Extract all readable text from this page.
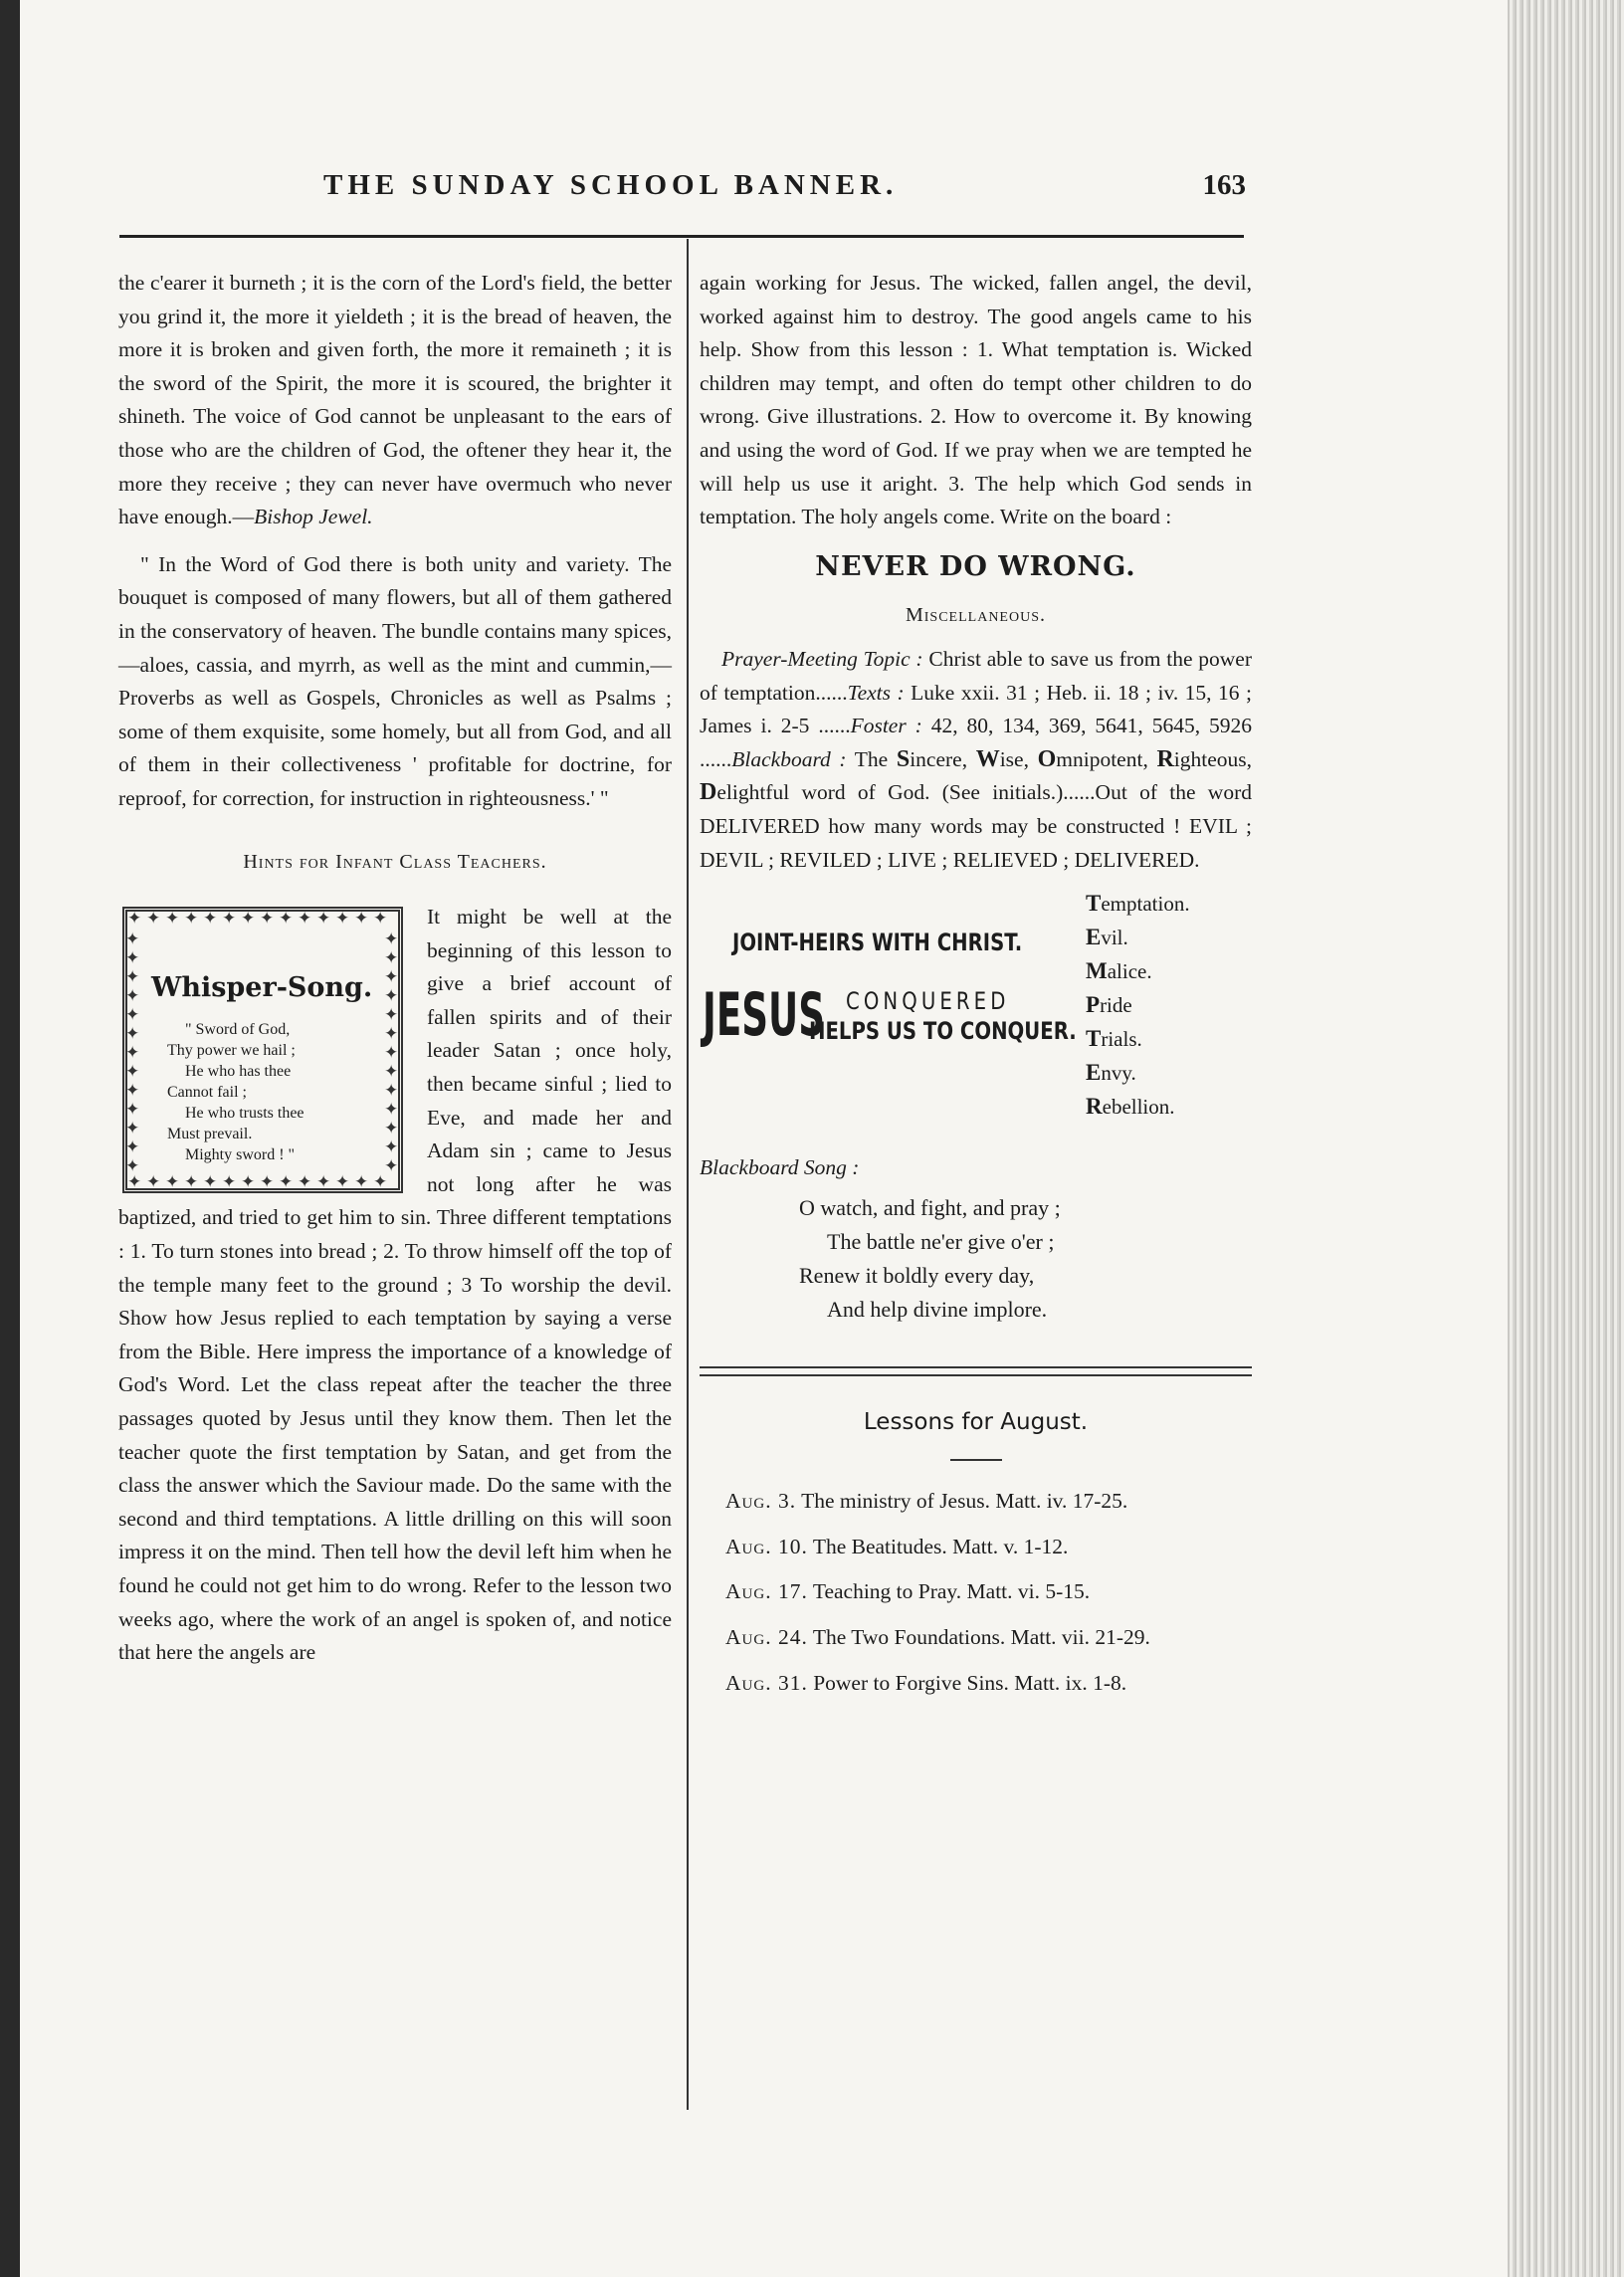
THE SUNDAY SCHOOL BANNER.	163

the c'earer it burneth ; it is the corn of the Lord's field, the better you grind it, the more it yieldeth ; it is the bread of heaven, the more it is broken and given forth, the more it remaineth ; it is the sword of the Spirit, the more it is scoured, the brighter it shineth. The voice of God cannot be unpleasant to the ears of those who are the children of God, the oftener they hear it, the more they receive ; they can never have overmuch who never have enough.—Bishop Jewel.

" In the Word of God there is both unity and variety. The bouquet is composed of many flowers, but all of them gathered in the conservatory of heaven. The bundle contains many spices,—aloes, cassia, and myrrh, as well as the mint and cummin,—Proverbs as well as Gospels, Chronicles as well as Psalms ; some of them exquisite, some homely, but all from God, and all of them in their collectiveness ' profitable for doctrine, for reproof, for correction, for instruction in righteousness.' "

Hints for Infant Class Teachers.

Whisper-Song.
" Sword of God,
Thy power we hail ;
He who has thee
Cannot fail ;
He who trusts thee
Must prevail.
Mighty sword ! "
✦
✦
✦
✦
✦
✦
✦
✦
✦
✦
✦
✦
✦
✦
✦
✦
✦
✦
✦
✦
✦
✦
✦
✦
✦
✦
✦
✦
✦	✦
✦	✦
✦	✦
✦	✦
✦	✦
✦	✦
✦	✦
✦	✦
✦	✦
✦	✦
✦	✦
✦	✦
✦	✦

It might be well at the beginning of this lesson to give a brief account of fallen spirits and of their leader Satan ; once holy, then became sinful ; lied to Eve, and made her and Adam sin ; came to Jesus not long after he was baptized, and tried to get him to sin. Three different temptations : 1. To turn stones into bread ; 2. To throw himself off the top of the temple many feet to the ground ; 3 To worship the devil. Show how Jesus replied to each temptation by saying a verse from the Bible. Here impress the importance of a knowledge of God's Word. Let the class repeat after the teacher the three passages quoted by Jesus until they know them. Then let the teacher quote the first temptation by Satan, and get from the class the answer which the Saviour made. Do the same with the second and third temptations. A little drilling on this will soon impress it on the mind. Then tell how the devil left him when he found he could not get him to do wrong. Refer to the lesson two weeks ago, where the work of an angel is spoken of, and notice that here the angels are

again working for Jesus. The wicked, fallen angel, the devil, worked against him to destroy. The good angels came to his help. Show from this lesson : 1. What temptation is. Wicked children may tempt, and often do tempt other children to do wrong. Give illustrations. 2. How to overcome it. By knowing and using the word of God. If we pray when we are tempted he will help us use it aright. 3. The help which God sends in temptation. The holy angels come. Write on the board :

NEVER DO WRONG.

Miscellaneous.

Prayer-Meeting Topic : Christ able to save us from the power of temptation......Texts : Luke xxii. 31 ; Heb. ii. 18 ; iv. 15, 16 ; James i. 2-5 ......Foster : 42, 80, 134, 369, 5641, 5645, 5926 ......Blackboard : The Sincere, Wise, Omnipotent, Righteous, Delightful word of God. (See initials.)......Out of the word DELIVERED how many words may be constructed ! EVIL ; DEVIL ; REVILED ; LIVE ; RELIEVED ; DELIVERED.

JOINT-HEIRS WITH CHRIST.
JESUS CONQUERED
HELPS US TO CONQUER.
Temptation.
Evil.
Malice.
Pride
Trials.
Envy.
Rebellion.

Blackboard Song :

O watch, and fight, and pray ;
The battle ne'er give o'er ;
Renew it boldly every day,
And help divine implore.

Lessons for August.

Aug. 3. The ministry of Jesus. Matt. iv. 17-25.

Aug. 10. The Beatitudes. Matt. v. 1-12.

Aug. 17. Teaching to Pray. Matt. vi. 5-15.

Aug. 24. The Two Foundations. Matt. vii. 21-29.

Aug. 31. Power to Forgive Sins. Matt. ix. 1-8.
